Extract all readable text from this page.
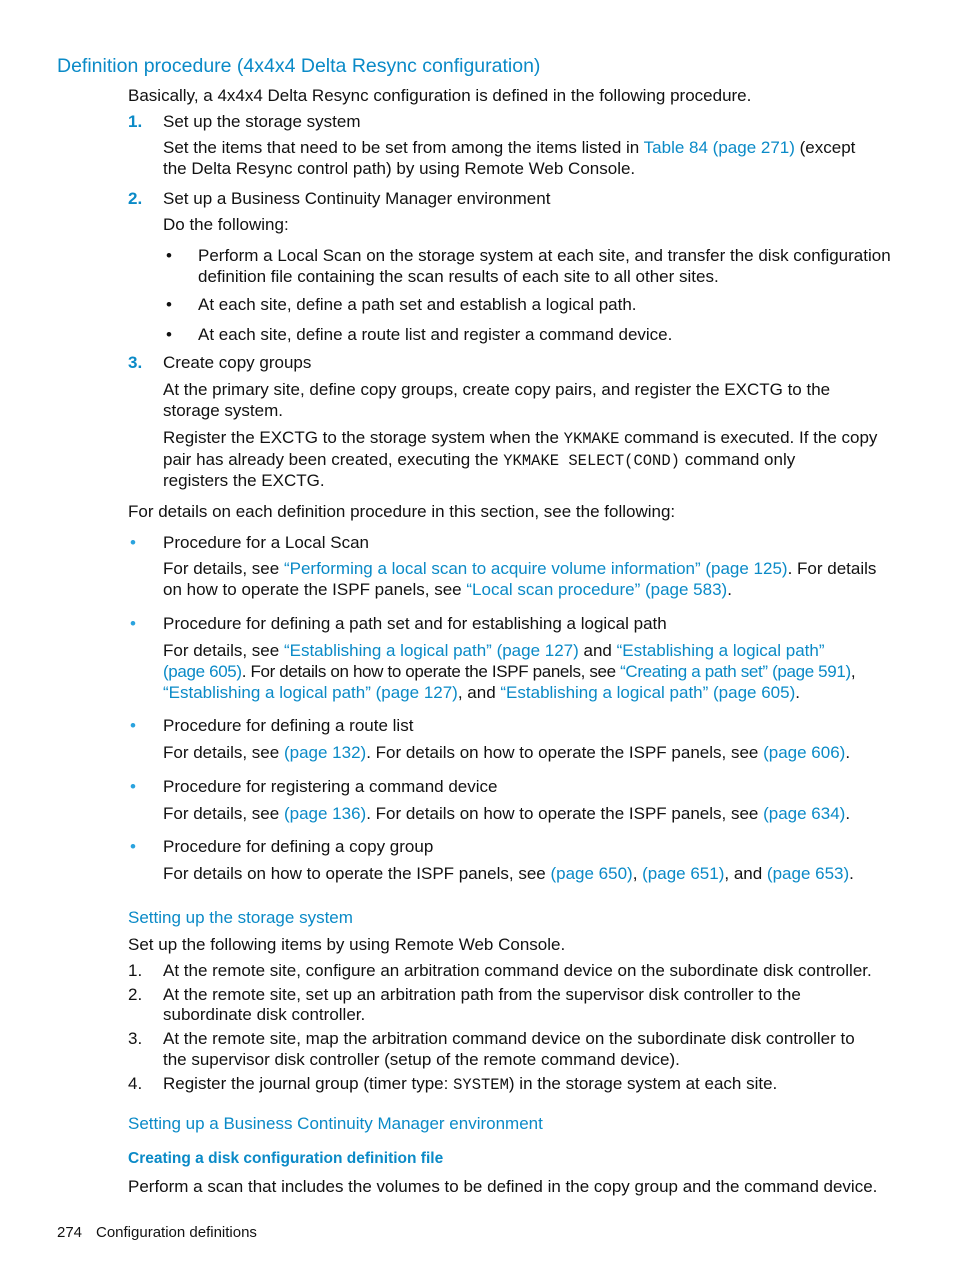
Definition procedure (4x4x4 Delta Resync configuration)
Basically, a 4x4x4 Delta Resync configuration is defined in the following procedure.
1. Set up the storage system
Set the items that need to be set from among the items listed in Table 84 (page 271) (except
the Delta Resync control path) by using Remote Web Console.
2. Set up a Business Continuity Manager environment
Do the following:
• Perform a Local Scan on the storage system at each site, and transfer the disk configuration
definition file containing the scan results of each site to all other sites.
• At each site, define a path set and establish a logical path.
• At each site, define a route list and register a command device.
3. Create copy groups
At the primary site, define copy groups, create copy pairs, and register the EXCTG to the
storage system.
Register the EXCTG to the storage system when the YKMAKE command is executed. If the copy
pair has already been created, executing the YKMAKE SELECT(COND) command only
registers the EXCTG.
For details on each definition procedure in this section, see the following:
• Procedure for a Local Scan
For details, see “Performing a local scan to acquire volume information” (page 125). For details
on how to operate the ISPF panels, see “Local scan procedure” (page 583).
• Procedure for defining a path set and for establishing a logical path
For details, see “Establishing a logical path” (page 127) and “Establishing a logical path”
(page 605). For details on how to operate the ISPF panels, see “Creating a path set” (page 591),
“Establishing a logical path” (page 127), and “Establishing a logical path” (page 605).
• Procedure for defining a route list
For details, see (page 132). For details on how to operate the ISPF panels, see (page 606).
• Procedure for registering a command device
For details, see (page 136). For details on how to operate the ISPF panels, see (page 634).
• Procedure for defining a copy group
For details on how to operate the ISPF panels, see (page 650), (page 651), and (page 653).
Setting up the storage system
Set up the following items by using Remote Web Console.
1. At the remote site, configure an arbitration command device on the subordinate disk controller.
2. At the remote site, set up an arbitration path from the supervisor disk controller to the
subordinate disk controller.
3. At the remote site, map the arbitration command device on the subordinate disk controller to
the supervisor disk controller (setup of the remote command device).
4. Register the journal group (timer type: SYSTEM) in the storage system at each site.
Setting up a Business Continuity Manager environment
Creating a disk configuration definition file
Perform a scan that includes the volumes to be defined in the copy group and the command device.
274 Configuration definitions
